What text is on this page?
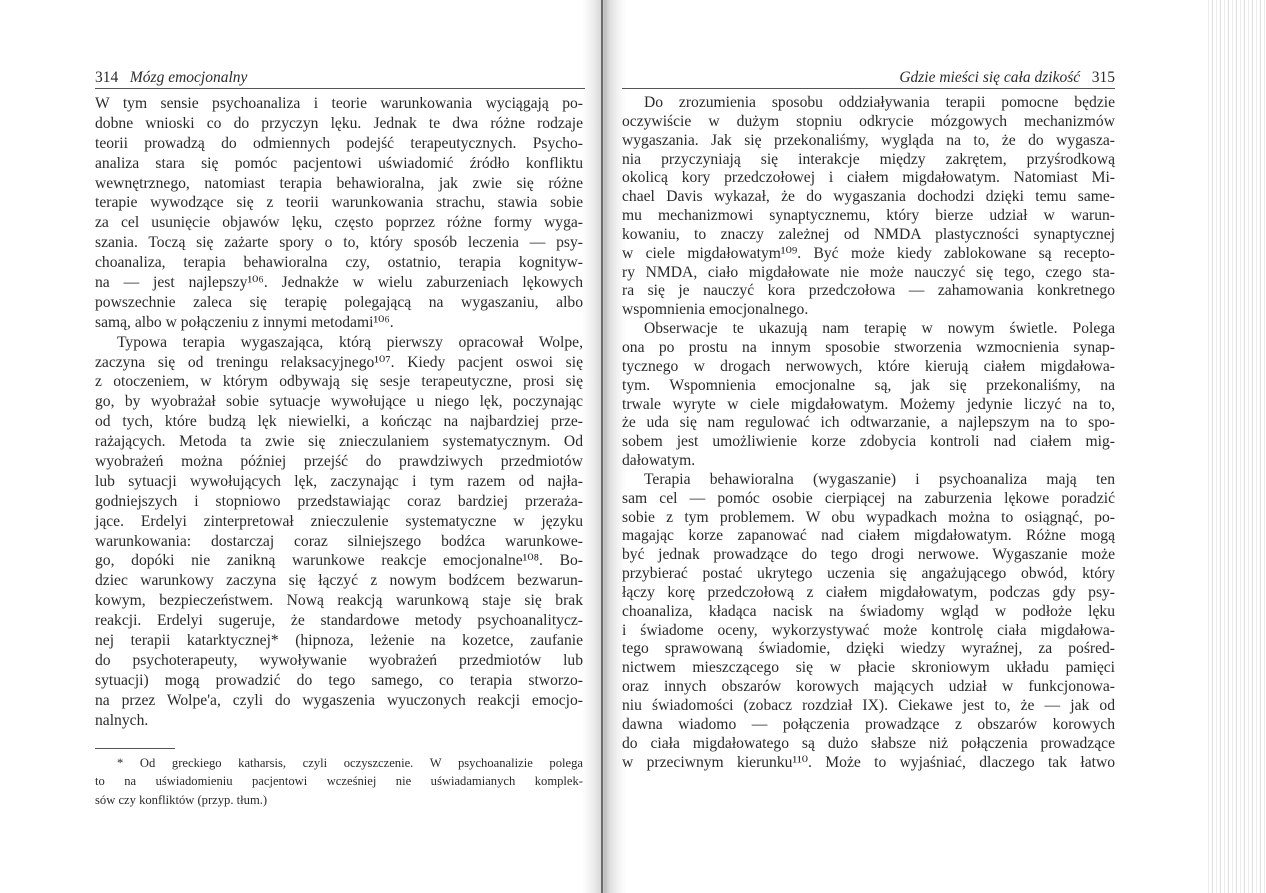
314 Mózg emocjonalny	Gdzie mieści się cała dzikość 315
W tym sensie psychoanaliza i teorie warunkowania wyciągają po-
dobne wnioski co do przyczyn lęku. Jednak te dwa różne rodzaje
teorii prowadzą do odmiennych podejść terapeutycznych. Psycho-
analiza stara się pomóc pacjentowi uświadomić źródło konfliktu
wewnętrznego, natomiast terapia behawioralna, jak zwie się różne
terapie wywodzące się z teorii warunkowania strachu, stawia sobie
za cel usunięcie objawów lęku, często poprzez różne formy wyga-
szania. Toczą się zażarte spory o to, który sposób leczenia — psy-
choanaliza, terapia behawioralna czy, ostatnio, terapia kognityw-
na — jest najlepszy¹⁰⁶. Jednakże w wielu zaburzeniach lękowych
powszechnie zaleca się terapię polegającą na wygaszaniu, albo
samą, albo w połączeniu z innymi metodami¹⁰⁶.
Typowa terapia wygaszająca, którą pierwszy opracował Wolpe,
zaczyna się od treningu relaksacyjnego¹⁰⁷. Kiedy pacjent oswoi się
z otoczeniem, w którym odbywają się sesje terapeutyczne, prosi się
go, by wyobrażał sobie sytuacje wywołujące u niego lęk, poczynając
od tych, które budzą lęk niewielki, a kończąc na najbardziej prze-
rażających. Metoda ta zwie się znieczulaniem systematycznym. Od
wyobrażeń można później przejść do prawdziwych przedmiotów
lub sytuacji wywołujących lęk, zaczynając i tym razem od najła-
godniejszych i stopniowo przedstawiając coraz bardziej przeraża-
jące. Erdelyi zinterpretował znieczulenie systematyczne w języku
warunkowania: dostarczaj coraz silniejszego bodźca warunkowe-
go, dopóki nie zanikną warunkowe reakcje emocjonalne¹⁰⁸. Bo-
dziec warunkowy zaczyna się łączyć z nowym bodźcem bezwarun-
kowym, bezpieczeństwem. Nową reakcją warunkową staje się brak
reakcji. Erdelyi sugeruje, że standardowe metody psychoanalitycz-
nej terapii katarktycznej* (hipnoza, leżenie na kozetce, zaufanie
do psychoterapeuty, wywoływanie wyobrażeń przedmiotów lub
sytuacji) mogą prowadzić do tego samego, co terapia stworzo-
na przez Wolpe'a, czyli do wygaszenia wyuczonych reakcji emocjo-
nalnych.
* Od greckiego katharsis, czyli oczyszczenie. W psychoanalizie polega
to na uświadomieniu pacjentowi wcześniej nie uświadamianych komplek-
sów czy konfliktów (przyp. tłum.)
Do zrozumienia sposobu oddziaływania terapii pomocne będzie
oczywiście w dużym stopniu odkrycie mózgowych mechanizmów
wygaszania. Jak się przekonaliśmy, wygląda na to, że do wygasza-
nia przyczyniają się interakcje między zakrętem, przyśrodkową
okolicą kory przedczołowej i ciałem migdałowatym. Natomiast Mi-
chael Davis wykazał, że do wygaszania dochodzi dzięki temu same-
mu mechanizmowi synaptycznemu, który bierze udział w warun-
kowaniu, to znaczy zależnej od NMDA plastyczności synaptycznej
w ciele migdałowatym¹⁰⁹. Być może kiedy zablokowane są recepto-
ry NMDA, ciało migdałowate nie może nauczyć się tego, czego sta-
ra się je nauczyć kora przedczołowa — zahamowania konkretnego
wspomnienia emocjonalnego.
Obserwacje te ukazują nam terapię w nowym świetle. Polega
ona po prostu na innym sposobie stworzenia wzmocnienia synap-
tycznego w drogach nerwowych, które kierują ciałem migdałowa-
tym. Wspomnienia emocjonalne są, jak się przekonaliśmy, na
trwale wyryte w ciele migdałowatym. Możemy jedynie liczyć na to,
że uda się nam regulować ich odtwarzanie, a najlepszym na to spo-
sobem jest umożliwienie korze zdobycia kontroli nad ciałem mig-
dałowatym.
Terapia behawioralna (wygaszanie) i psychoanaliza mają ten
sam cel — pomóc osobie cierpiącej na zaburzenia lękowe poradzić
sobie z tym problemem. W obu wypadkach można to osiągnąć, po-
magając korze zapanować nad ciałem migdałowatym. Różne mogą
być jednak prowadzące do tego drogi nerwowe. Wygaszanie może
przybierać postać ukrytego uczenia się angażującego obwód, który
łączy korę przedczołową z ciałem migdałowatym, podczas gdy psy-
choanaliza, kładąca nacisk na świadomy wgląd w podłoże lęku
i świadome oceny, wykorzystywać może kontrolę ciała migdałowa-
tego sprawowaną świadomie, dzięki wiedzy wyraźnej, za pośred-
nictwem mieszczącego się w płacie skroniowym układu pamięci
oraz innych obszarów korowych mających udział w funkcjonowa-
niu świadomości (zobacz rozdział IX). Ciekawe jest to, że — jak od
dawna wiadomo — połączenia prowadzące z obszarów korowych
do ciała migdałowatego są dużo słabsze niż połączenia prowadzące
w przeciwnym kierunku¹¹⁰. Może to wyjaśniać, dlaczego tak łatwo
